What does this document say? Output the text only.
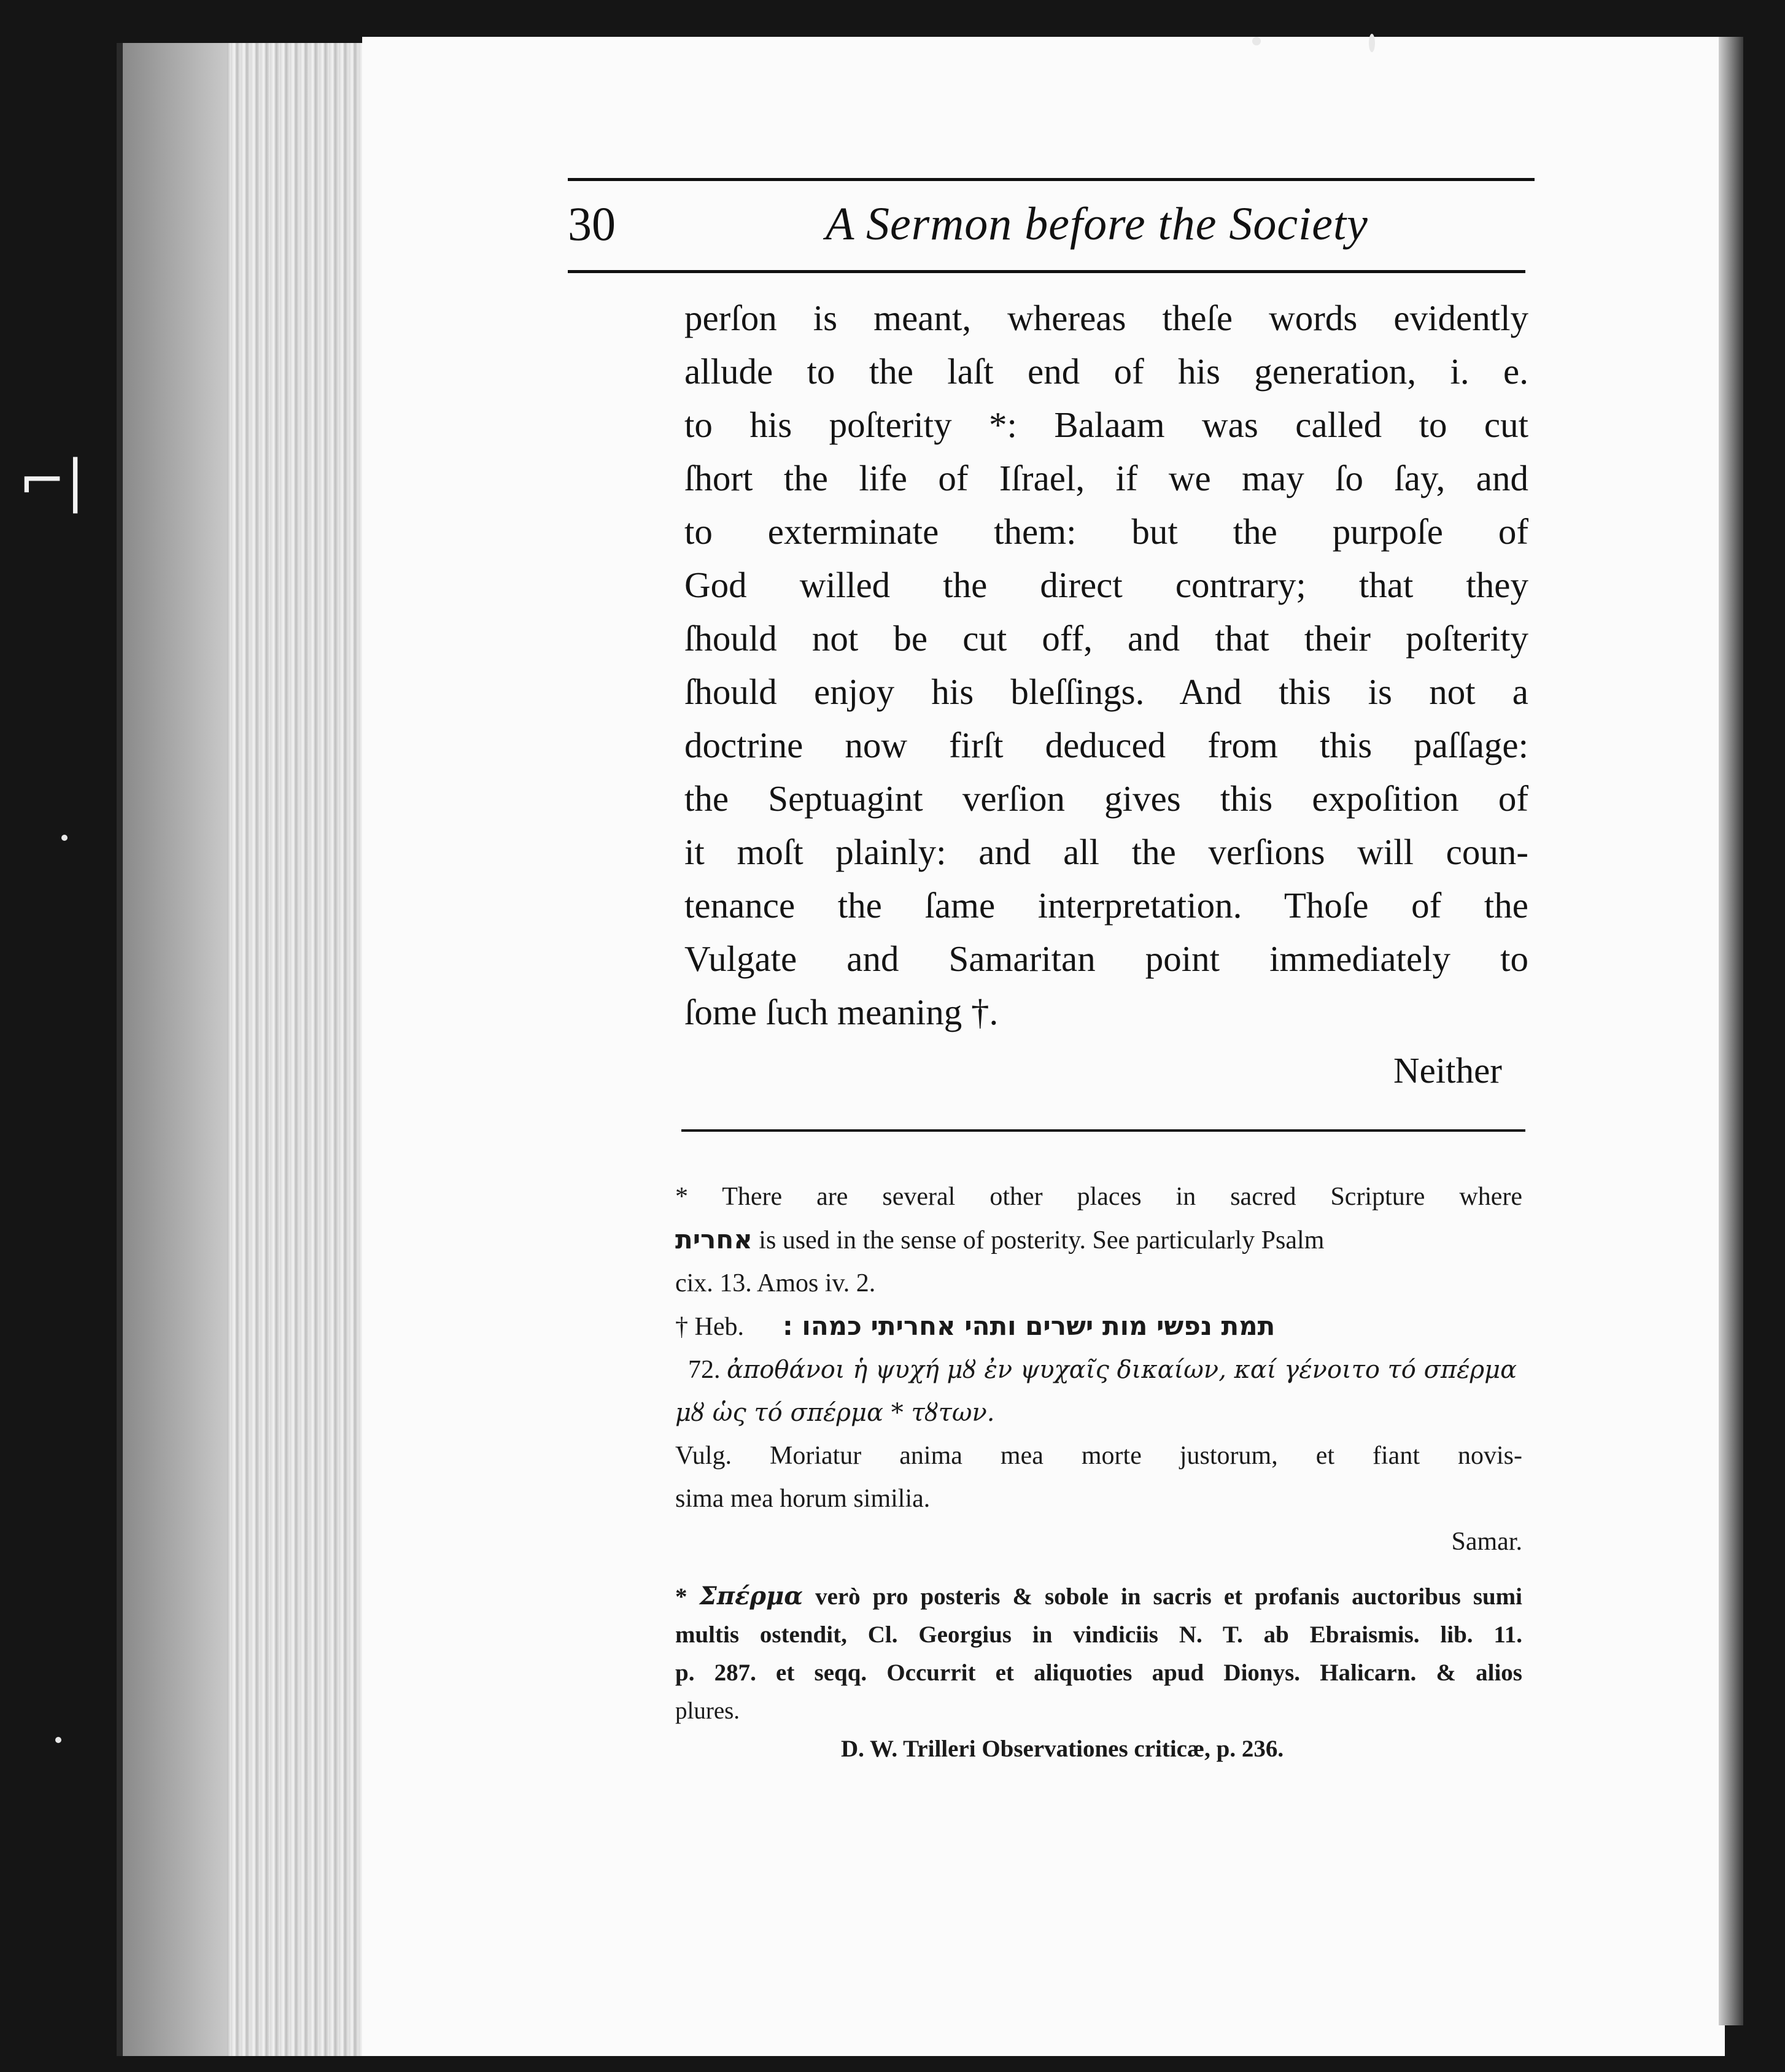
⌐|
30	A Sermon before the Society
perſon is meant, whereas theſe words evidently
allude to the laſt end of his generation, i. e.
to his poſterity *: Balaam was called to cut
ſhort the life of Iſrael, if we may ſo ſay, and
to exterminate them: but the purpoſe of
God willed the direct contrary; that they
ſhould not be cut off, and that their poſterity
ſhould enjoy his bleſſings. And this is not a
doctrine now firſt deduced from this paſſage:
the Septuagint verſion gives this expoſition of
it moſt plainly: and all the verſions will coun-
tenance the ſame interpretation. Thoſe of the
Vulgate and Samaritan point immediately to
ſome ſuch meaning †.
Neither
* There are several other places in sacred Scripture where
אחרית is used in the sense of posterity. See particularly Psalm
cix. 13. Amos iv. 2.
† Heb. תמת נפשי מות ישרים ותהי אחריתי כמהו :
72. ἀποθάνοι ἡ ψυχή μȣ ἐν ψυχαῖς δικαίων, καί γένοιτο τό σπέρμα
μȣ ὡς τό σπέρμα * τȣτων.
Vulg. Moriatur anima mea morte justorum, et fiant novis-
sima mea horum similia.
Samar.
* Σπέρμα verò pro posteris & sobole in sacris et profanis auctoribus sumi
multis ostendit, Cl. Georgius in vindiciis N. T. ab Ebraismis. lib. 11.
p. 287. et seqq. Occurrit et aliquoties apud Dionys. Halicarn. & alios
plures.
D. W. Trilleri Observationes criticæ, p. 236.
